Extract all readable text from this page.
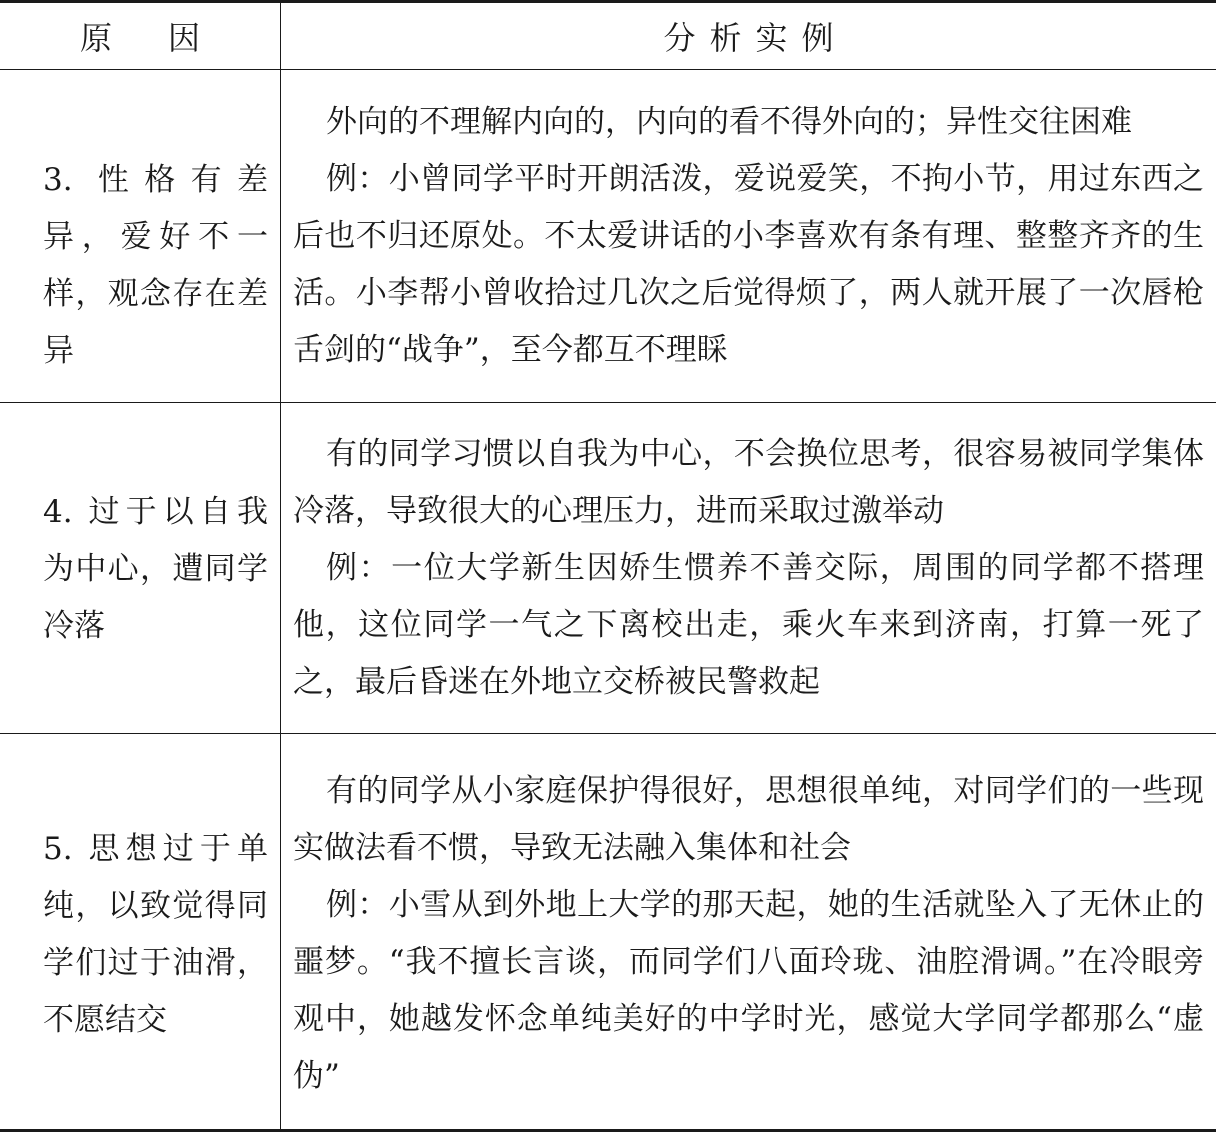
原因	分析实例
3. 性格有差异，爱好不一样，观念存在差异

外向的不理解内向的，内向的看不得外向的；异性交往困难

例：小曾同学平时开朗活泼，爱说爱笑，不拘小节，用过东西之后也不归还原处。不太爱讲话的小李喜欢有条有理、整整齐齐的生活。小李帮小曾收拾过几次之后觉得烦了，两人就开展了一次唇枪舌剑的“战争”，至今都互不理睬

4. 过于以自我为中心，遭同学冷落

有的同学习惯以自我为中心，不会换位思考，很容易被同学集体冷落，导致很大的心理压力，进而采取过激举动

例：一位大学新生因娇生惯养不善交际，周围的同学都不搭理他，这位同学一气之下离校出走，乘火车来到济南，打算一死了之，最后昏迷在外地立交桥被民警救起

5. 思想过于单纯，以致觉得同学们过于油滑，不愿结交

有的同学从小家庭保护得很好，思想很单纯，对同学们的一些现实做法看不惯，导致无法融入集体和社会

例：小雪从到外地上大学的那天起，她的生活就坠入了无休止的噩梦。“我不擅长言谈，而同学们八面玲珑、油腔滑调。”在冷眼旁观中，她越发怀念单纯美好的中学时光，感觉大学同学都那么“虚伪”
